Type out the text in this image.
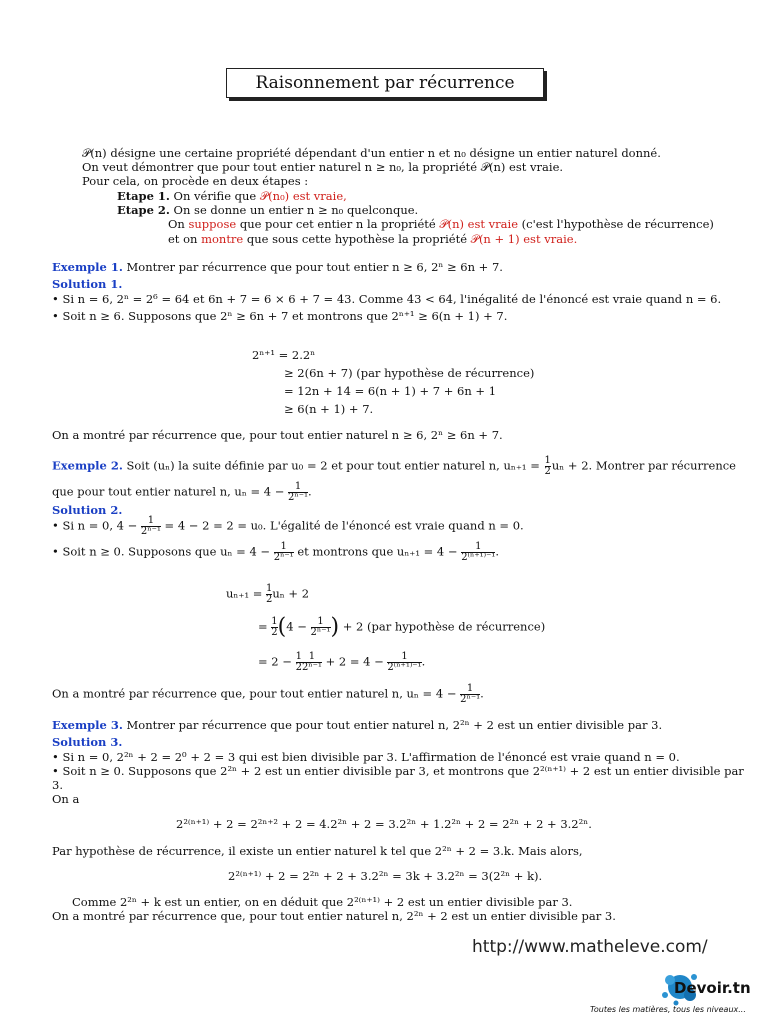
Raisonnement par récurrence
𝒫(n) désigne une certaine propriété dépendant d'un entier n et n₀ désigne un entier naturel donné.
On veut démontrer que pour tout entier naturel n ≥ n₀, la propriété 𝒫(n) est vraie.
Pour cela, on procède en deux étapes :
Etape 1. On vérifie que 𝒫(n₀) est vraie,
Etape 2. On se donne un entier n ≥ n₀ quelconque.
On suppose que pour cet entier n la propriété 𝒫(n) est vraie (c'est l'hypothèse de récurrence)
et on montre que sous cette hypothèse la propriété 𝒫(n + 1) est vraie.
Exemple 1. Montrer par récurrence que pour tout entier n ≥ 6, 2ⁿ ≥ 6n + 7.
Solution 1.
• Si n = 6, 2ⁿ = 2⁶ = 64 et 6n + 7 = 6 × 6 + 7 = 43. Comme 43 < 64, l'inégalité de l'énoncé est vraie quand n = 6.
• Soit n ≥ 6. Supposons que 2ⁿ ≥ 6n + 7 et montrons que 2ⁿ⁺¹ ≥ 6(n + 1) + 7.
2ⁿ⁺¹ = 2.2ⁿ
≥ 2(6n + 7) (par hypothèse de récurrence)
= 12n + 14 = 6(n + 1) + 7 + 6n + 1
≥ 6(n + 1) + 7.
On a montré par récurrence que, pour tout entier naturel n ≥ 6, 2ⁿ ≥ 6n + 7.
Exemple 2. Soit (uₙ) la suite définie par u₀ = 2 et pour tout entier naturel n, $u_{n+1} = \frac{1}{2}$ uₙ + 2. Montrer par récurrence
que pour tout entier naturel n, $u_n = 4 - \frac{1}{\text{2ⁿ⁻¹}}$ .
Solution 2.
• Si n = 0, $4 - \frac{1}{\text{2ⁿ⁻¹}} = 4 - 2 = 2 = u_0$. L'égalité de l'énoncé est vraie quand n = 0.
• Soit n ≥ 0. Supposons que $u_n = 4 - \frac{1}{\text{2ⁿ⁻¹}}$ et montrons que $u_{n+1} = 4 - \frac{1}{\text{2⁽ⁿ⁺¹⁾⁻¹}}$ .
$u_{n+1} = \frac{1}{2}$ uₙ + 2
= $\frac{1}{2} (4 - \frac{1}{\text{2ⁿ⁻¹}}$ ) + 2 (par hypothèse de récurrence)
= $2 - \frac{1}{2} \frac{1}{\text{2ⁿ⁻¹}} + 2 = 4 - \frac{1}{\text{2⁽ⁿ⁺¹⁾⁻¹}}$ .
On a montré par récurrence que, pour tout entier naturel n, $u_n = 4 - \frac{1}{\text{2ⁿ⁻¹}}$ .
Exemple 3. Montrer par récurrence que pour tout entier naturel n, 2²ⁿ + 2 est un entier divisible par 3.
Solution 3.
• Si n = 0, 2²ⁿ + 2 = 2⁰ + 2 = 3 qui est bien divisible par 3. L'affirmation de l'énoncé est vraie quand n = 0.
• Soit n ≥ 0. Supposons que 2²ⁿ + 2 est un entier divisible par 3, et montrons que 2²⁽ⁿ⁺¹⁾ + 2 est un entier divisible par
3.
On a
2²⁽ⁿ⁺¹⁾ + 2 = 2²ⁿ⁺² + 2 = 4.2²ⁿ + 2 = 3.2²ⁿ + 1.2²ⁿ + 2 = 2²ⁿ + 2 + 3.2²ⁿ.
Par hypothèse de récurrence, il existe un entier naturel k tel que 2²ⁿ + 2 = 3.k. Mais alors,
2²⁽ⁿ⁺¹⁾ + 2 = 2²ⁿ + 2 + 3.2²ⁿ = 3k + 3.2²ⁿ = 3(2²ⁿ + k).
Comme 2²ⁿ + k est un entier, on en déduit que 2²⁽ⁿ⁺¹⁾ + 2 est un entier divisible par 3.
On a montré par récurrence que, pour tout entier naturel n, 2²ⁿ + 2 est un entier divisible par 3.
http://www.matheleve.com/
Devoir.tn
Toutes les matières, tous les niveaux...
